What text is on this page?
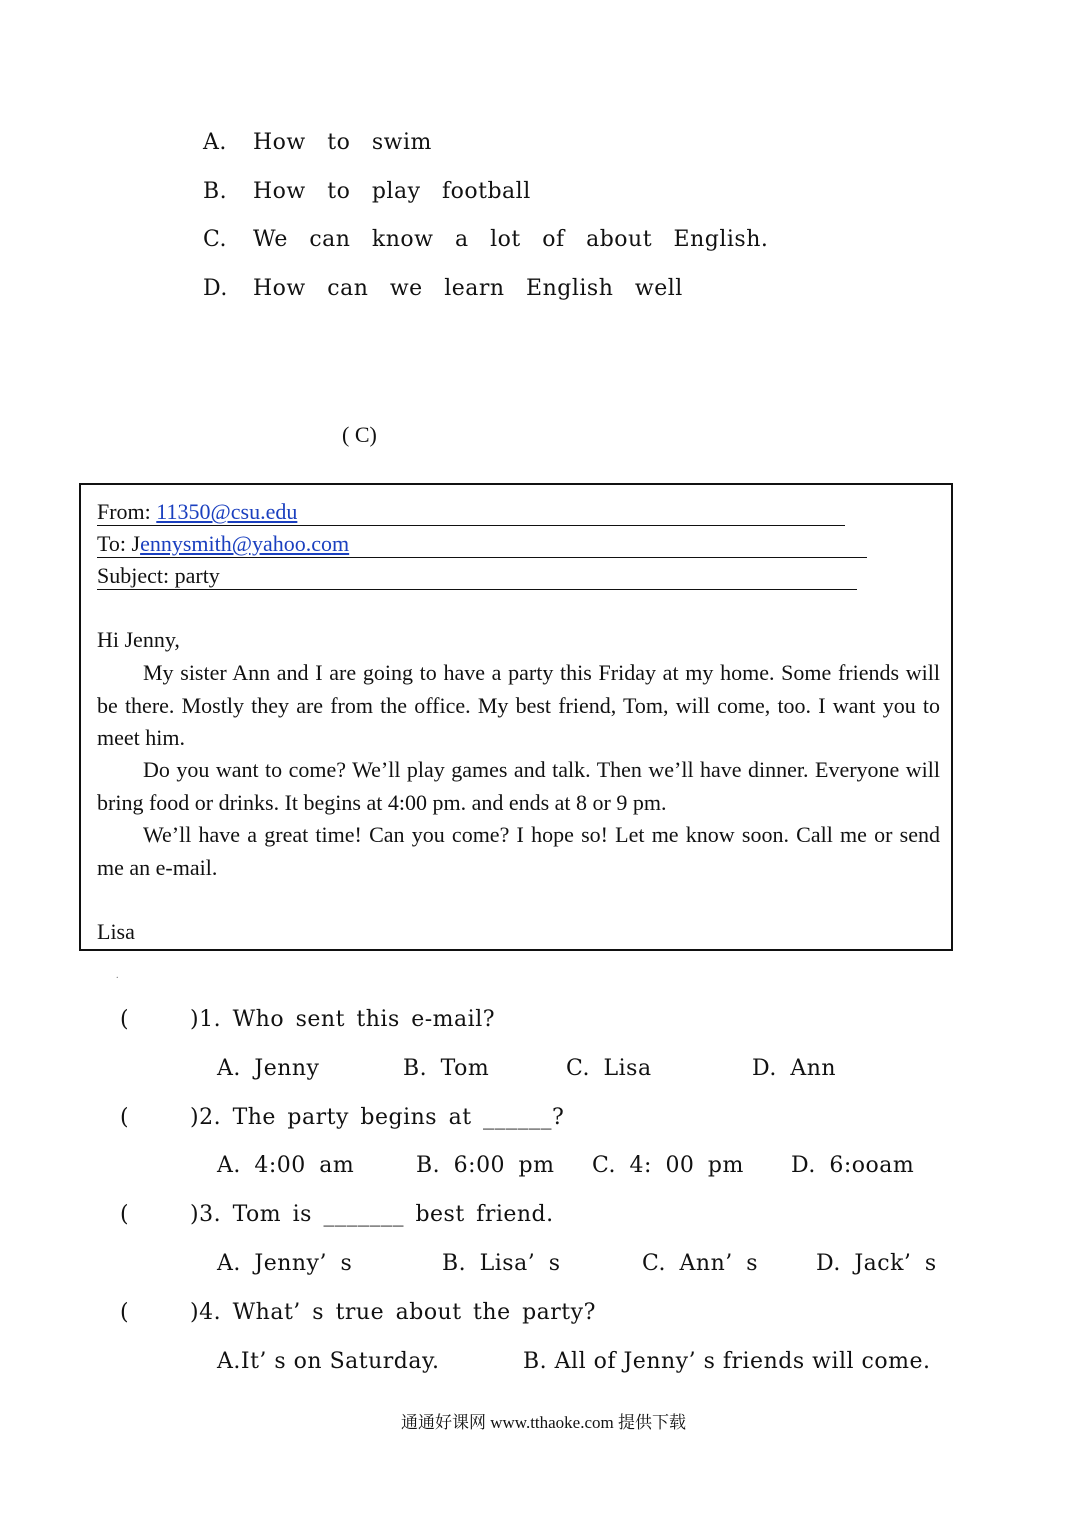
A. How to swim
B. How to play football
C. We can know a lot of about English.
D. How can we learn English well
( C)
From: 11350@csu.edu
To: Jennysmith@yahoo.com
Subject: party
Hi Jenny,

My sister Ann and I are going to have a party this Friday at my home. Some friends will be there. Mostly they are from the office. My best friend, Tom, will come, too. I want you to meet him.

Do you want to come? We’ll play games and talk. Then we’ll have dinner. Everyone will bring food or drinks. It begins at 4:00 pm. and ends at 8 or 9 pm.

We’ll have a great time! Can you come? I hope so! Let me know soon. Call me or send me an e-mail.

Lisa
.
(	)1. Who sent this e-mail?
A. Jenny	B. Tom	C. Lisa	D. Ann
(	)2. The party begins at ______?
A. 4:00 am	B. 6:00 pm C. 4: 00 pm D. 6:ooam
(	)3. Tom is _______ best friend.
A. Jenny’ s	B. Lisa’ s	C. Ann’ s	D. Jack’ s
(	)4. What’ s true about the party?
A.It’ s on Saturday.	B. All of Jenny’ s friends will come.
通通好课网 www.tthaoke.com 提供下载
